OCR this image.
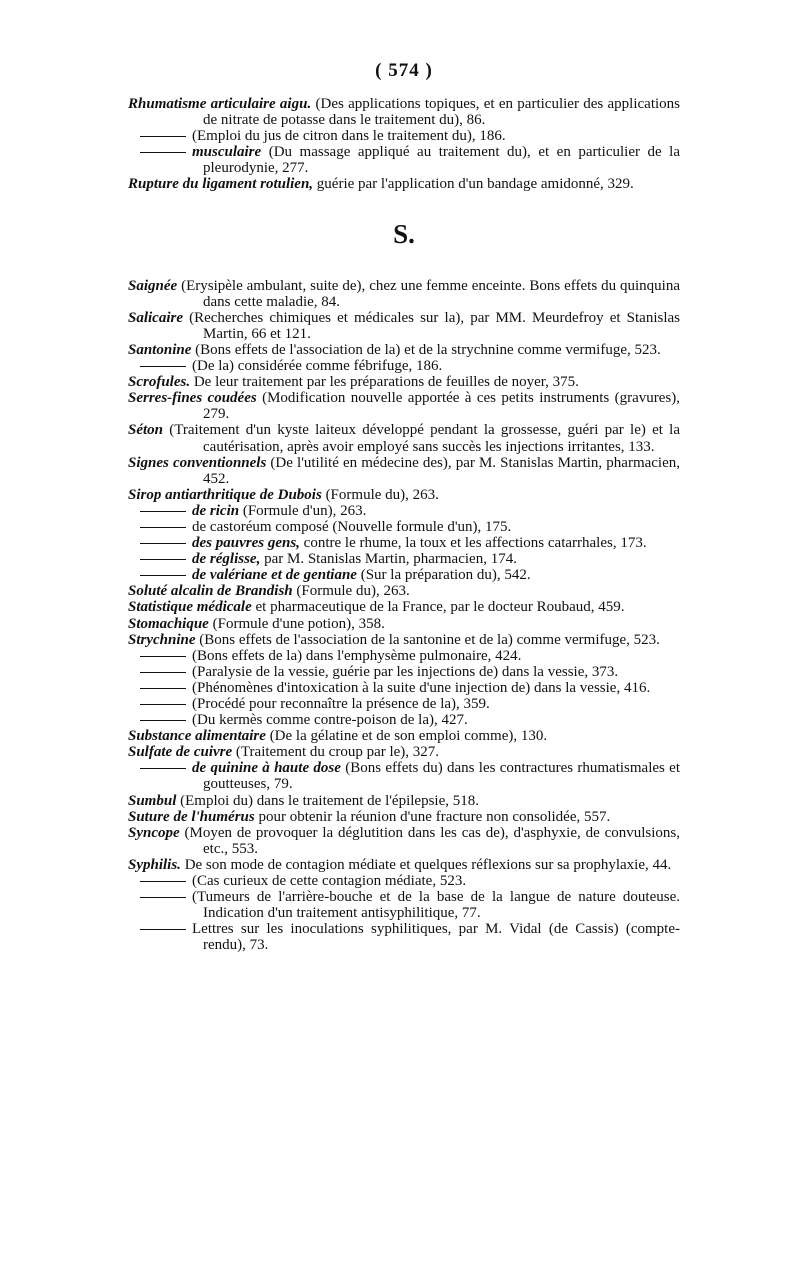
( 574 )
Rhumatisme articulaire aigu. (Des applications topiques, et en particulier des applications de nitrate de potasse dans le traitement du), 86.
(Emploi du jus de citron dans le traitement du), 186.
musculaire (Du massage appliqué au traitement du), et en particulier de la pleurodynie, 277.
Rupture du ligament rotulien, guérie par l'application d'un bandage amidonné, 329.
S.
Saignée (Erysipèle ambulant, suite de), chez une femme enceinte. Bons effets du quinquina dans cette maladie, 84.
Salicaire (Recherches chimiques et médicales sur la), par MM. Meurdefroy et Stanislas Martin, 66 et 121.
Santonine (Bons effets de l'association de la) et de la strychnine comme vermifuge, 523.
(De la) considérée comme fébrifuge, 186.
Scrofules. De leur traitement par les préparations de feuilles de noyer, 375.
Serres-fines coudées (Modification nouvelle apportée à ces petits instruments (gravures), 279.
Séton (Traitement d'un kyste laiteux développé pendant la grossesse, guéri par le) et la cautérisation, après avoir employé sans succès les injections irritantes, 133.
Signes conventionnels (De l'utilité en médecine des), par M. Stanislas Martin, pharmacien, 452.
Sirop antiarthritique de Dubois (Formule du), 263.
de ricin (Formule d'un), 263.
de castoréum composé (Nouvelle formule d'un), 175.
des pauvres gens, contre le rhume, la toux et les affections catarrhales, 173.
de réglisse, par M. Stanislas Martin, pharmacien, 174.
de valériane et de gentiane (Sur la préparation du), 542.
Soluté alcalin de Brandish (Formule du), 263.
Statistique médicale et pharmaceutique de la France, par le docteur Roubaud, 459.
Stomachique (Formule d'une potion), 358.
Strychnine (Bons effets de l'association de la santonine et de la) comme vermifuge, 523.
(Bons effets de la) dans l'emphysème pulmonaire, 424.
(Paralysie de la vessie, guérie par les injections de) dans la vessie, 373.
(Phénomènes d'intoxication à la suite d'une injection de) dans la vessie, 416.
(Procédé pour reconnaître la présence de la), 359.
(Du kermès comme contre-poison de la), 427.
Substance alimentaire (De la gélatine et de son emploi comme), 130.
Sulfate de cuivre (Traitement du croup par le), 327.
de quinine à haute dose (Bons effets du) dans les contractures rhumatismales et goutteuses, 79.
Sumbul (Emploi du) dans le traitement de l'épilepsie, 518.
Suture de l'humérus pour obtenir la réunion d'une fracture non consolidée, 557.
Syncope (Moyen de provoquer la déglutition dans les cas de), d'asphyxie, de convulsions, etc., 553.
Syphilis. De son mode de contagion médiate et quelques réflexions sur sa prophylaxie, 44.
(Cas curieux de cette contagion médiate, 523.
(Tumeurs de l'arrière-bouche et de la base de la langue de nature douteuse. Indication d'un traitement antisyphilitique, 77.
Lettres sur les inoculations syphilitiques, par M. Vidal (de Cassis) (compte-rendu), 73.
